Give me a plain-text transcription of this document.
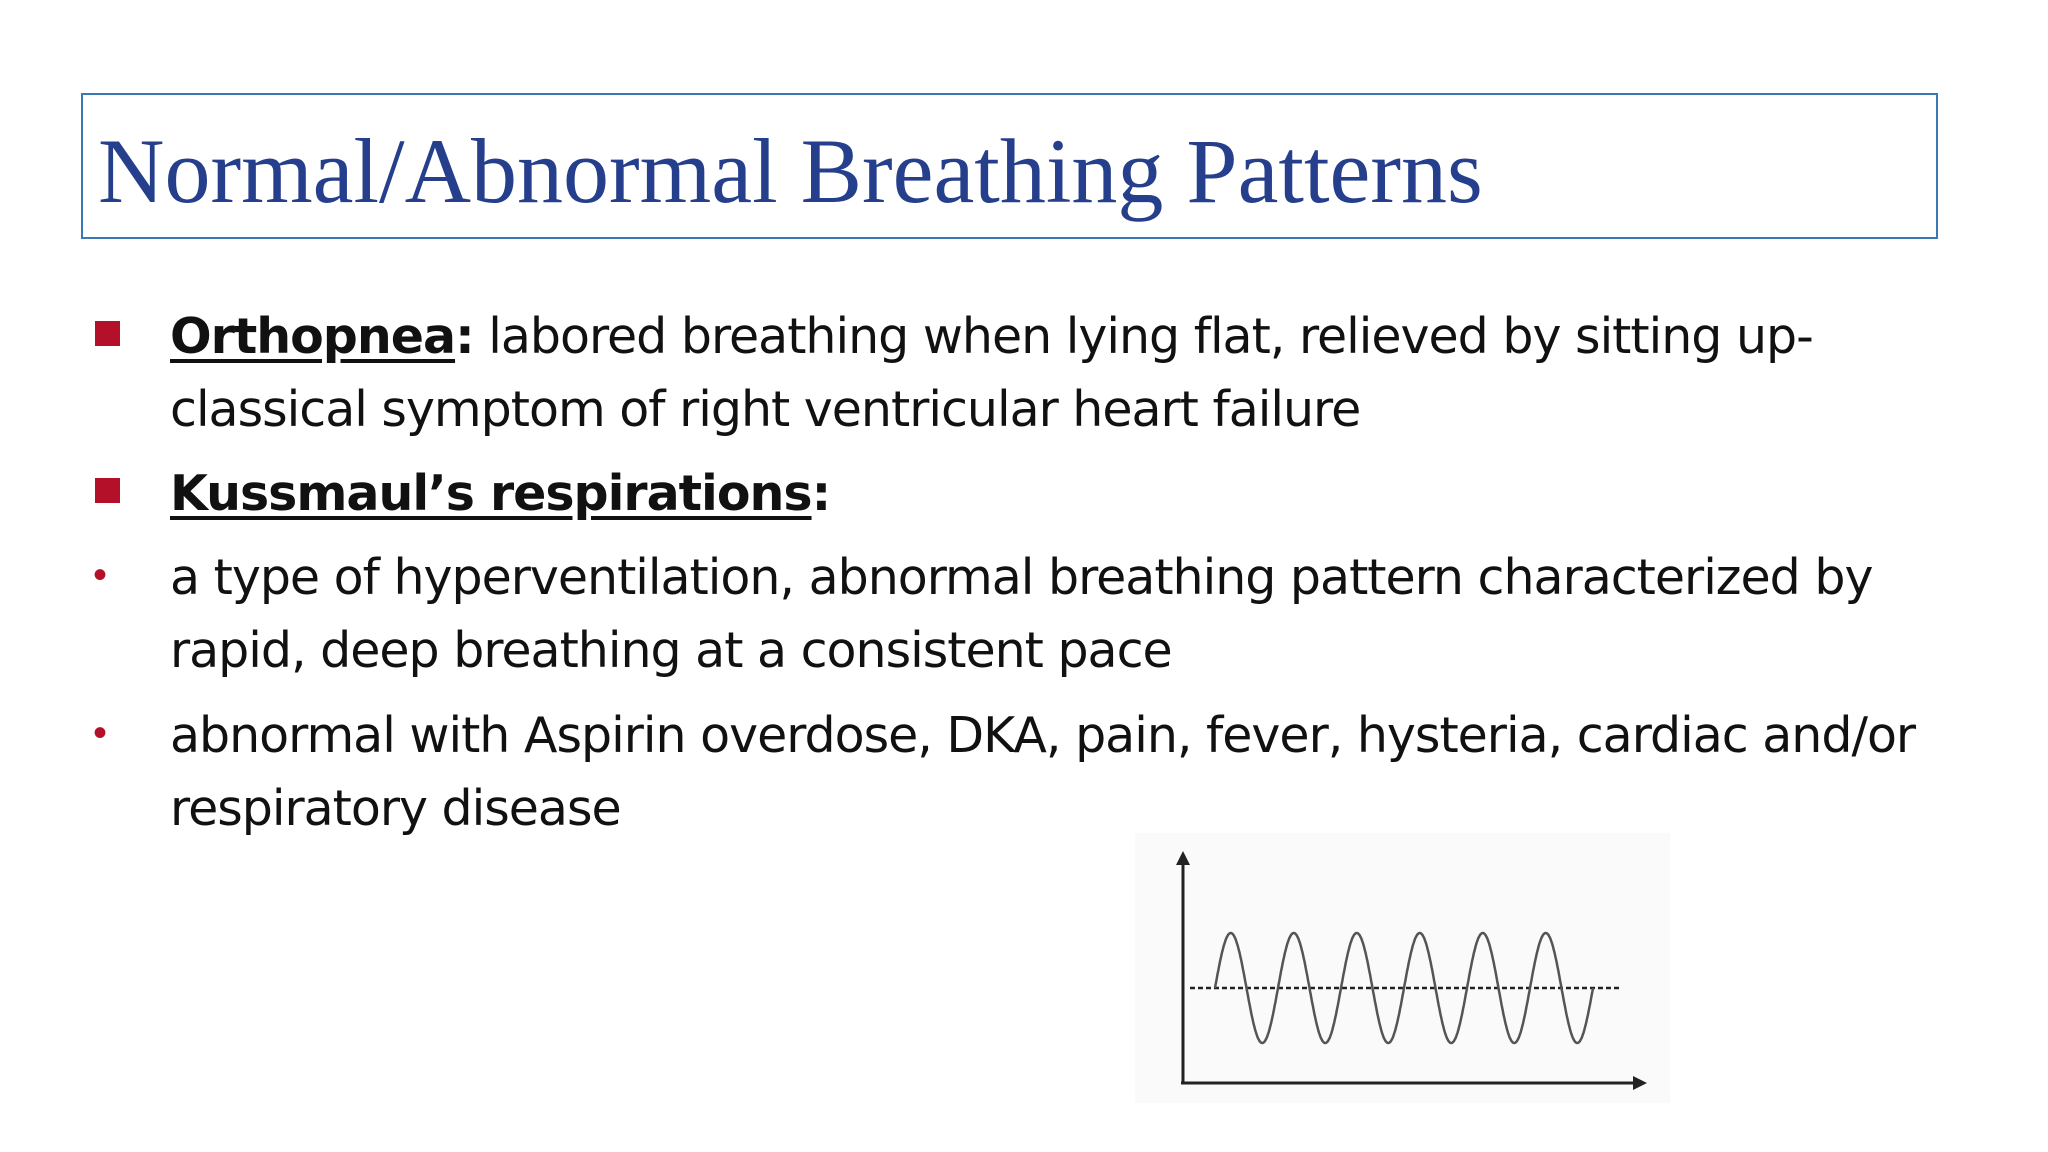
Normal/Abnormal Breathing Patterns
Orthopnea: labored breathing when lying flat, relieved by sitting up- classical symptom of right ventricular heart failure
Kussmaul’s respirations:
• a type of hyperventilation, abnormal breathing pattern characterized by rapid, deep breathing at a consistent pace
• abnormal with Aspirin overdose, DKA, pain, fever, hysteria, cardiac and/or respiratory disease
